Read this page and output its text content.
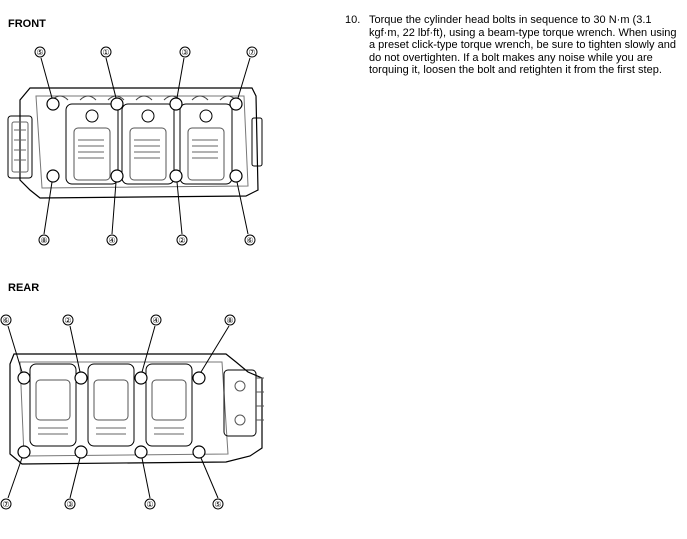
FRONT
REAR
10. Torque the cylinder head bolts in sequence to 30 N·m (3.1 kgf·m, 22 lbf·ft), using a beam-type torque wrench. When using a preset click-type torque wrench, be sure to tighten slowly and do not overtighten. If a bolt makes any noise while you are torquing it, loosen the bolt and retighten it from the first step.
⑤	①	③	⑦
⑧	④	②	⑥
⑥	②	④	⑧
⑦	③	①	⑤
